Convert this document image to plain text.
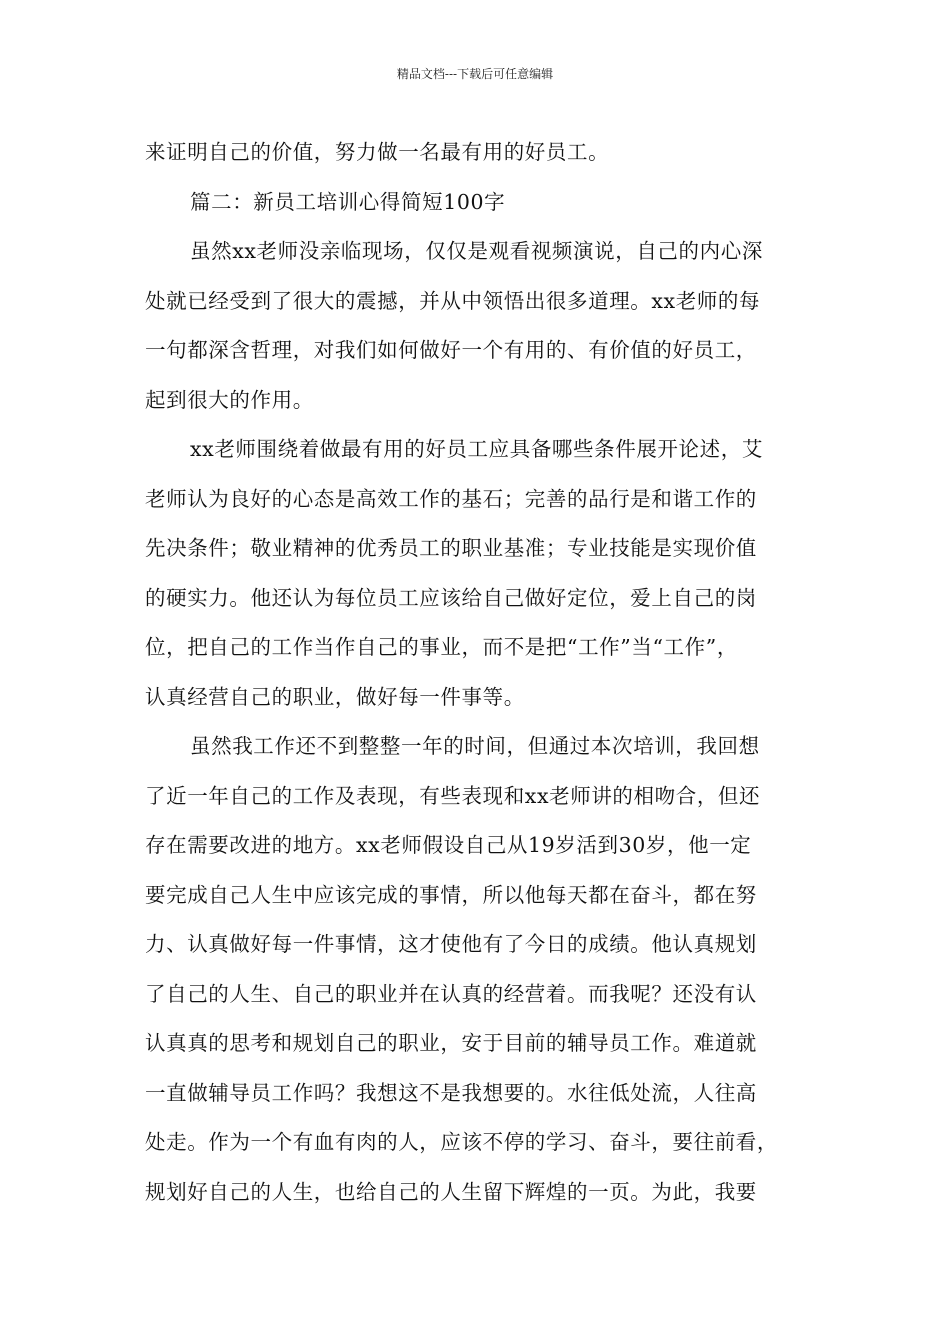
精品文档---下载后可任意编辑
来证明自己的价值，努力做一名最有用的好员工。
篇二：新员工培训心得简短100字
虽然xx老师没亲临现场，仅仅是观看视频演说，自己的内心深
处就已经受到了很大的震撼，并从中领悟出很多道理。xx老师的每
一句都深含哲理，对我们如何做好一个有用的、有价值的好员工，
起到很大的作用。
xx老师围绕着做最有用的好员工应具备哪些条件展开论述，艾
老师认为良好的心态是高效工作的基石；完善的品行是和谐工作的
先决条件；敬业精神的优秀员工的职业基准；专业技能是实现价值
的硬实力。他还认为每位员工应该给自己做好定位，爱上自己的岗
位，把自己的工作当作自己的事业，而不是把“工作”当“工作”，
认真经营自己的职业，做好每一件事等。
虽然我工作还不到整整一年的时间，但通过本次培训，我回想
了近一年自己的工作及表现，有些表现和xx老师讲的相吻合，但还
存在需要改进的地方。xx老师假设自己从19岁活到30岁，他一定
要完成自己人生中应该完成的事情，所以他每天都在奋斗，都在努
力、认真做好每一件事情，这才使他有了今日的成绩。他认真规划
了自己的人生、自己的职业并在认真的经营着。而我呢？还没有认
认真真的思考和规划自己的职业，安于目前的辅导员工作。难道就
一直做辅导员工作吗？我想这不是我想要的。水往低处流，人往高
处走。作为一个有血有肉的人，应该不停的学习、奋斗，要往前看，
规划好自己的人生，也给自己的人生留下辉煌的一页。为此，我要
